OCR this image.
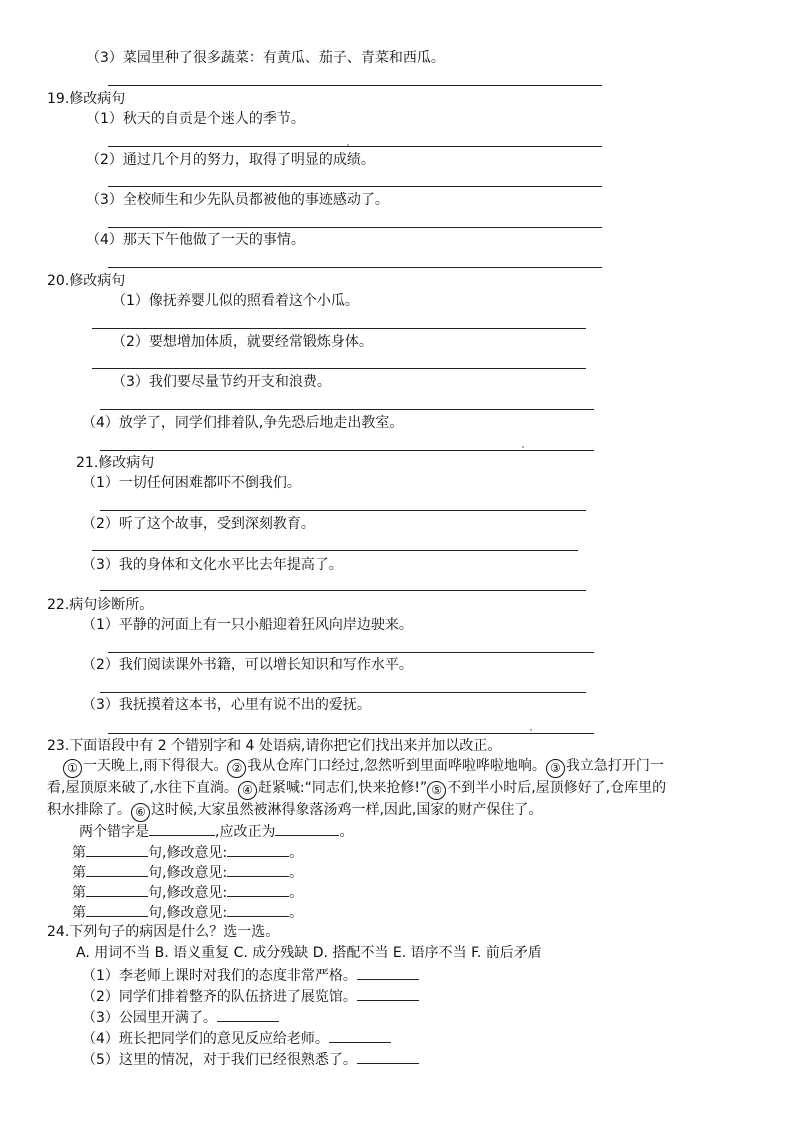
（3）菜园里种了很多蔬菜：有黄瓜、茄子、青菜和西瓜。
19.修改病句
（1）秋天的自贡是个迷人的季节。
（2）通过几个月的努力，取得了明显的成绩。
（3）全校师生和少先队员都被他的事迹感动了。
（4）那天下午他做了一天的事情。
20.修改病句
（1）像抚养婴儿似的照看着这个小瓜。
（2）要想增加体质，就要经常锻炼身体。
（3）我们要尽量节约开支和浪费。
（4）放学了，同学们排着队,争先恐后地走出教室。
21.修改病句
（1）一切任何困难都吓不倒我们。
（2）听了这个故事，受到深刻教育。
（3）我的身体和文化水平比去年提高了。
22.病句诊断所。
（1）平静的河面上有一只小船迎着狂风向岸边驶来。
（2）我们阅读课外书籍，可以增长知识和写作水平。
（3）我抚摸着这本书，心里有说不出的爱抚。
23.下面语段中有 2 个错别字和 4 处语病,请你把它们找出来并加以改正。
① 一天晚上,雨下得很大。 ② 我从仓库门口经过,忽然听到里面哗啦哗啦地响。 ③ 我立急打开门一
看,屋顶原来破了,水往下直淌。 ④ 赶紧喊:“同志们,快来抢修!” ⑤ 不到半小时后,屋顶修好了,仓库里的
积水排除了。 ⑥ 这时候,大家虽然被淋得象落汤鸡一样,因此,国家的财产保住了。
两个错字是	,应改正为	。
第	句,修改意见:	。
第	句,修改意见:	。
第	句,修改意见:	。
第	句,修改意见:	。
24.下列句子的病因是什么？选一选。
A. 用词不当 B. 语义重复 C. 成分残缺 D. 搭配不当 E. 语序不当 F. 前后矛盾
（1）李老师上课时对我们的态度非常严格。
（2）同学们排着整齐的队伍挤进了展览馆。
（3）公园里开满了。
（4）班长把同学们的意见反应给老师。
（5）这里的情况，对于我们已经很熟悉了。
